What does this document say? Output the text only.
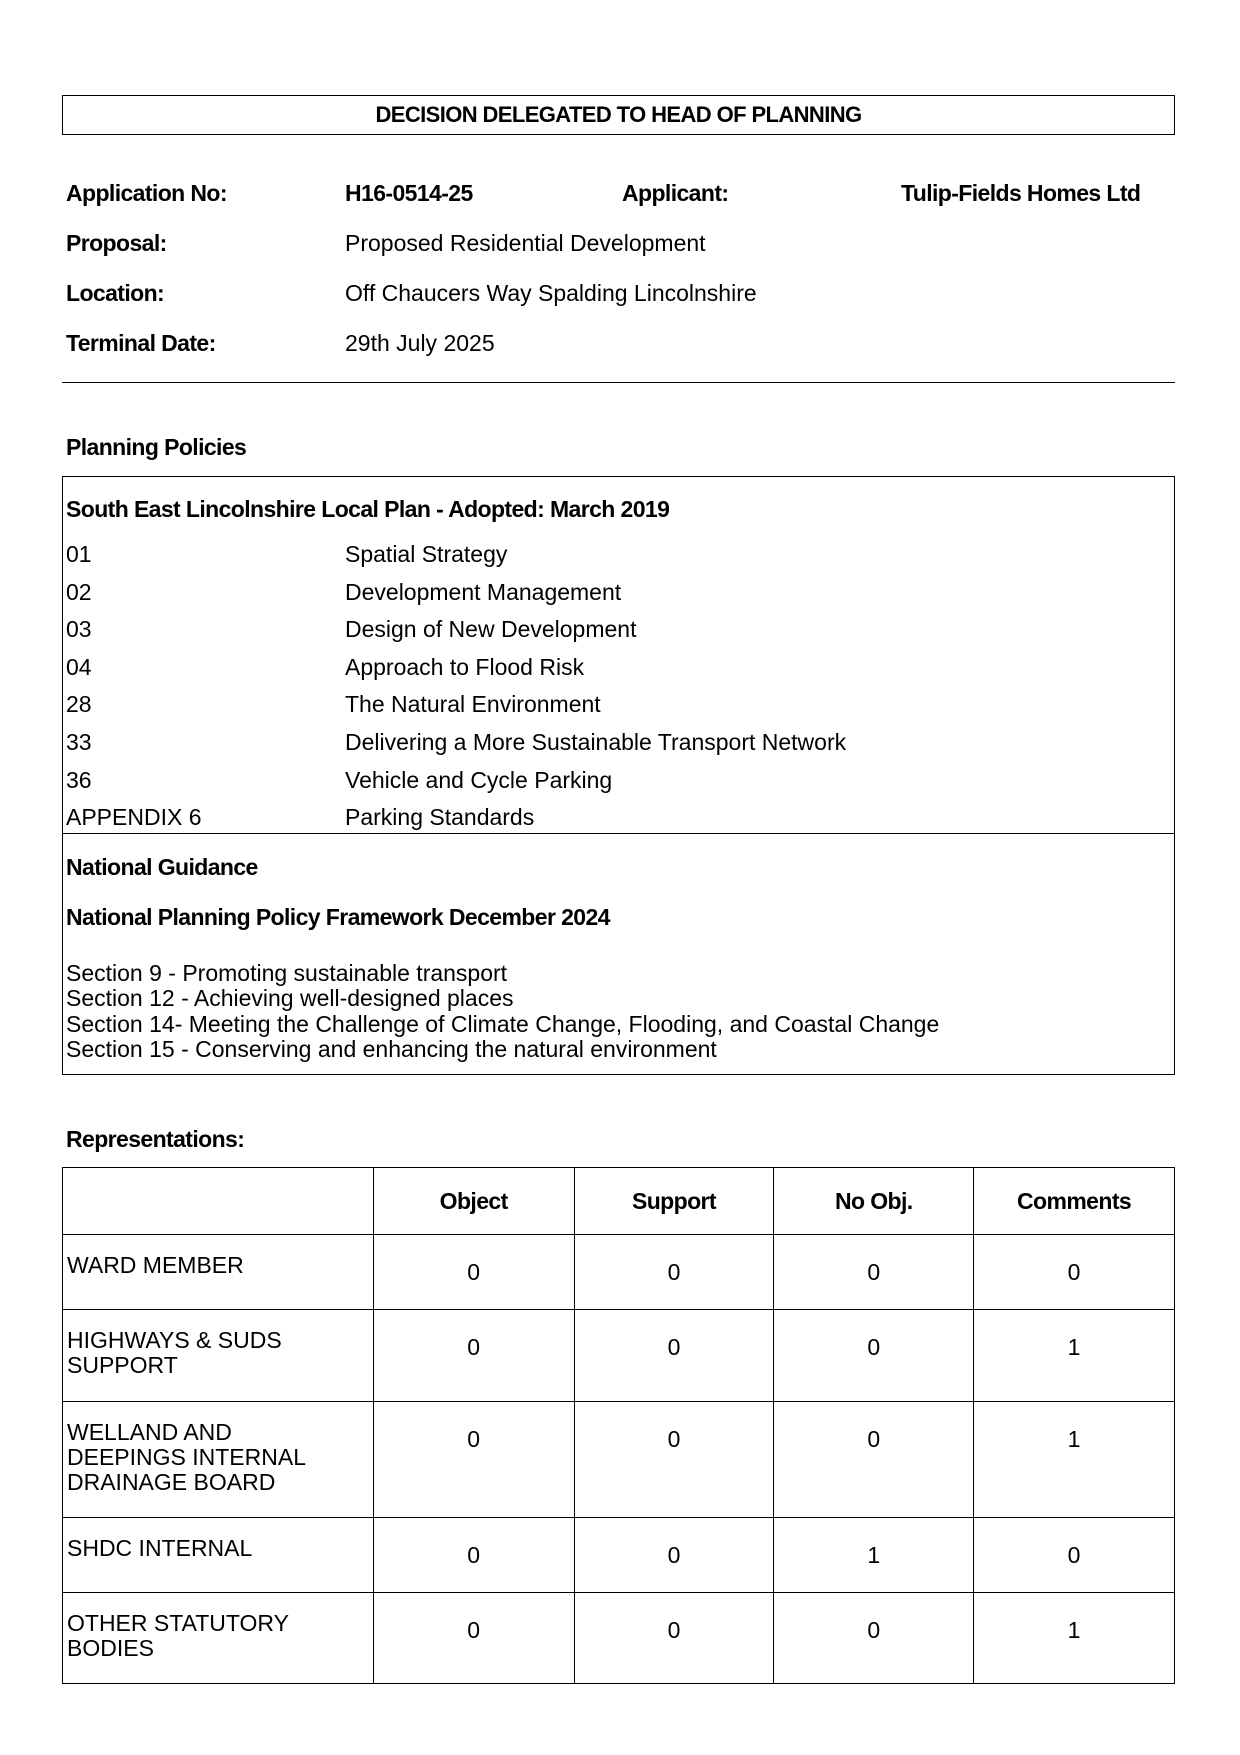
DECISION DELEGATED TO HEAD OF PLANNING
Application No:	H16-0514-25	Applicant:	Tulip-Fields Homes Ltd
Proposal:	Proposed Residential Development
Location:	Off Chaucers Way Spalding Lincolnshire
Terminal Date:	29th July 2025
Planning Policies
South East Lincolnshire Local Plan - Adopted: March 2019
01	Spatial Strategy
02	Development Management
03	Design of New Development
04	Approach to Flood Risk
28	The Natural Environment
33	Delivering a More Sustainable Transport Network
36	Vehicle and Cycle Parking
APPENDIX 6	Parking Standards
National Guidance
National Planning Policy Framework December 2024
Section 9 - Promoting sustainable transport
Section 12 - Achieving well-designed places
Section 14- Meeting the Challenge of Climate Change, Flooding, and Coastal Change
Section 15 - Conserving and enhancing the natural environment
Representations:
	Object	Support	No Obj.	Comments
WARD MEMBER	0	0	0	0
HIGHWAYS & SUDS SUPPORT	0	0	0	1
WELLAND AND DEEPINGS INTERNAL DRAINAGE BOARD	0	0	0	1
SHDC INTERNAL	0	0	1	0
OTHER STATUTORY BODIES	0	0	0	1
